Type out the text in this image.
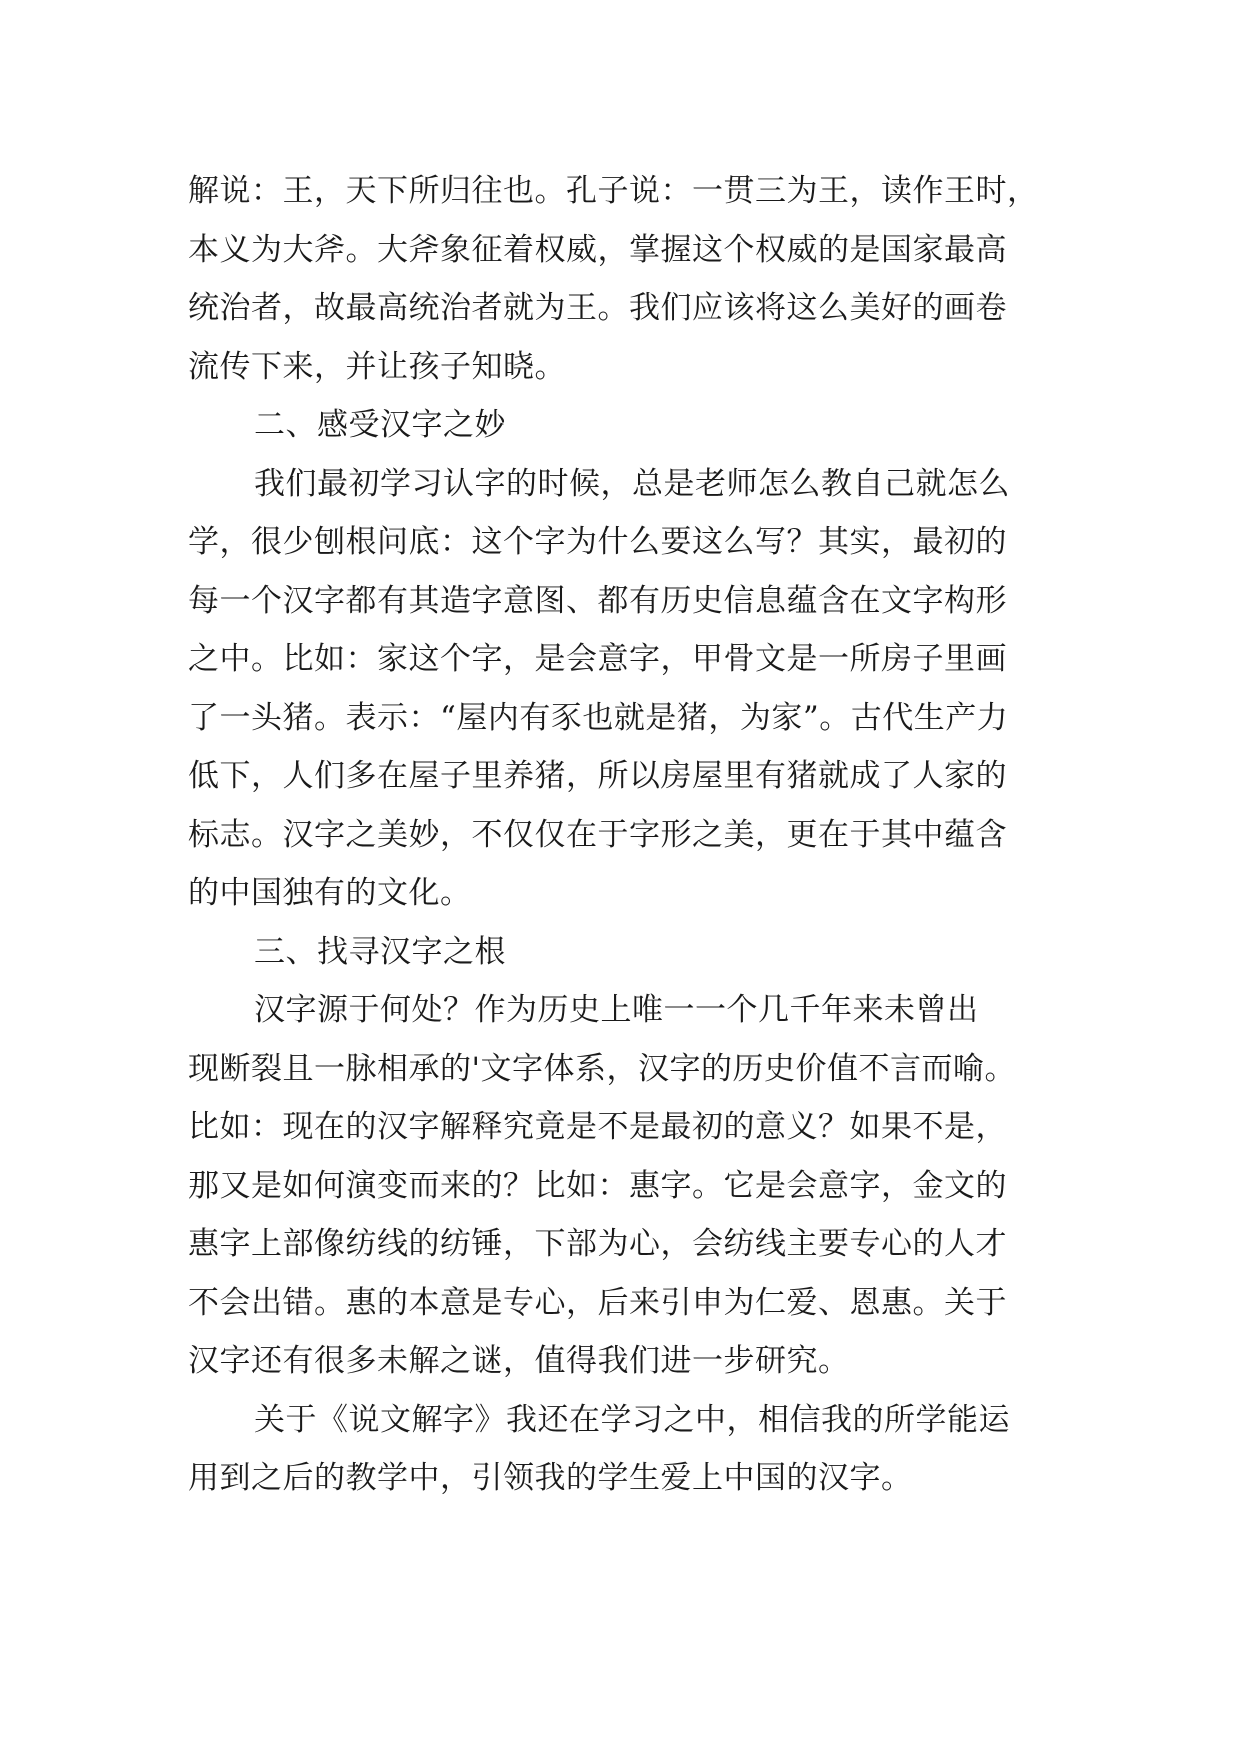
解说：王，天下所归往也。孔子说：一贯三为王，读作王时，
本义为大斧。大斧象征着权威，掌握这个权威的是国家最高
统治者，故最高统治者就为王。我们应该将这么美好的画卷
流传下来，并让孩子知晓。
二、感受汉字之妙
我们最初学习认字的时候，总是老师怎么教自己就怎么
学，很少刨根问底：这个字为什么要这么写？其实，最初的
每一个汉字都有其造字意图、都有历史信息蕴含在文字构形
之中。比如：家这个字，是会意字，甲骨文是一所房子里画
了一头猪。表示：“屋内有豕也就是猪，为家”。古代生产力
低下，人们多在屋子里养猪，所以房屋里有猪就成了人家的
标志。汉字之美妙，不仅仅在于字形之美，更在于其中蕴含
的中国独有的文化。
三、找寻汉字之根
汉字源于何处？作为历史上唯一一个几千年来未曾出
现断裂且一脉相承的'文字体系，汉字的历史价值不言而喻。
比如：现在的汉字解释究竟是不是最初的意义？如果不是，
那又是如何演变而来的？比如：惠字。它是会意字，金文的
惠字上部像纺线的纺锤，下部为心，会纺线主要专心的人才
不会出错。惠的本意是专心，后来引申为仁爱、恩惠。关于
汉字还有很多未解之谜，值得我们进一步研究。
关于《说文解字》我还在学习之中，相信我的所学能运
用到之后的教学中，引领我的学生爱上中国的汉字。
